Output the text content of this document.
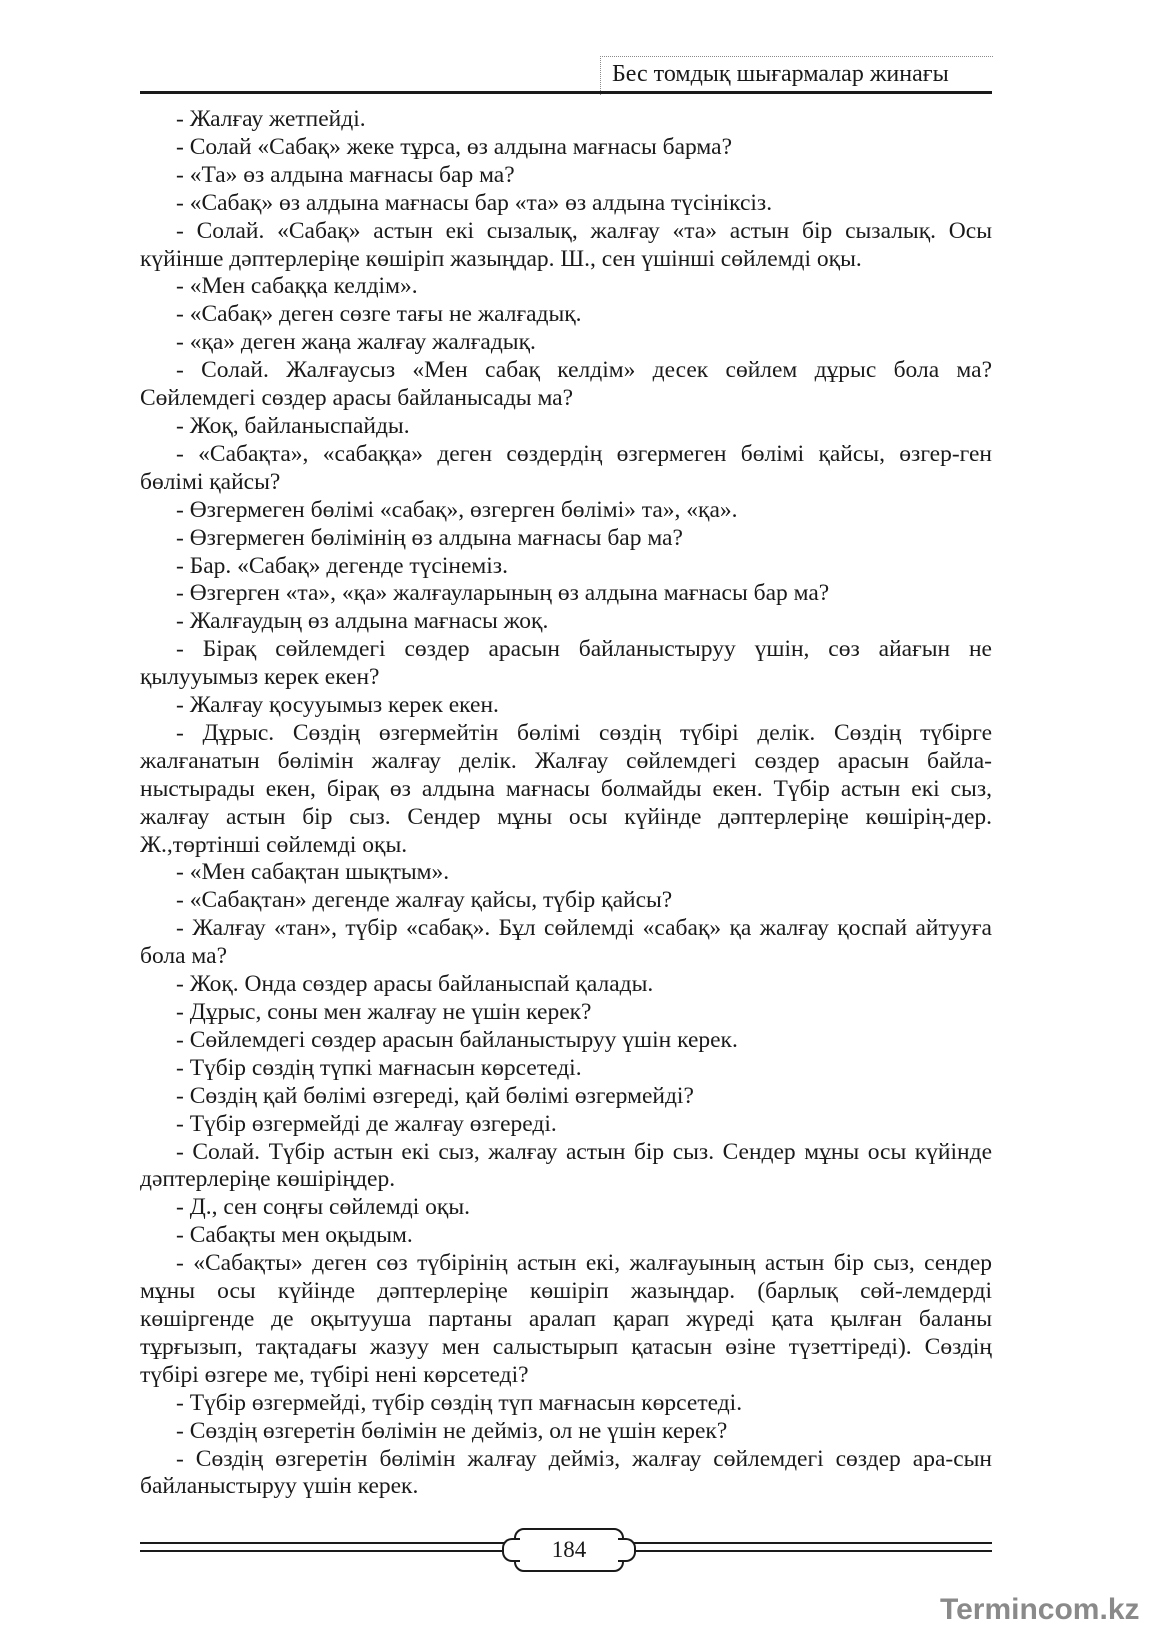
Бес томдық шығармалар жинағы

- Жалғау жетпейді.

- Солай «Сабақ» жеке тұрса, өз алдына мағнасы барма?

- «Та» өз алдына мағнасы бар ма?

- «Сабақ» өз алдына мағнасы бар «та» өз алдына түсініксіз.

- Солай. «Сабақ» астын екі сызалық, жалғау «та» астын бір сызалық. Осы күйінше дәптерлеріңе көшіріп жазыңдар. Ш., сен үшінші сөйлемді оқы.

- «Мен сабаққа келдім».

- «Сабақ» деген сөзге тағы не жалғадық.

- «қа» деген жаңа жалғау жалғадық.

- Солай. Жалғаусыз «Мен сабақ келдім» десек сөйлем дұрыс бола ма? Сөйлемдегі сөздер арасы байланысады ма?

- Жоқ, байланыспайды.

- «Сабақта», «сабаққа» деген сөздердің өзгермеген бөлімі қайсы, өзгер-ген бөлімі қайсы?

- Өзгермеген бөлімі «сабақ», өзгерген бөлімі» та», «қа».

- Өзгермеген бөлімінің өз алдына мағнасы бар ма?

- Бар. «Сабақ» дегенде түсінеміз.

- Өзгерген «та», «қа» жалғауларының өз алдына мағнасы бар ма?

- Жалғаудың өз алдына мағнасы жоқ.

- Бірақ сөйлемдегі сөздер арасын байланыстыруу үшін, сөз айағын не қылууымыз керек екен?

- Жалғау қосууымыз керек екен.

- Дұрыс. Сөздің өзгермейтін бөлімі сөздің түбірі делік. Сөздің түбірге жалғанатын бөлімін жалғау делік. Жалғау сөйлемдегі сөздер арасын байла-ныстырады екен, бірақ өз алдына мағнасы болмайды екен. Түбір астын екі сыз, жалғау астын бір сыз. Сендер мұны осы күйінде дәптерлеріңе көшірің-дер. Ж.,төртінші сөйлемді оқы.

- «Мен сабақтан шықтым».

- «Сабақтан» дегенде жалғау қайсы, түбір қайсы?

- Жалғау «тан», түбір «сабақ». Бұл сөйлемді «сабақ» қа жалғау қоспай айтууға бола ма?

- Жоқ. Онда сөздер арасы байланыспай қалады.

- Дұрыс, соны мен жалғау не үшін керек?

- Сөйлемдегі сөздер арасын байланыстыруу үшін керек.

- Түбір сөздің түпкі мағнасын көрсетеді.

- Сөздің қай бөлімі өзгереді, қай бөлімі өзгермейді?

- Түбір өзгермейді де жалғау өзгереді.

- Солай. Түбір астын екі сыз, жалғау астын бір сыз. Сендер мұны осы күйінде дәптерлеріңе көшіріңдер.

- Д., сен соңғы сөйлемді оқы.

- Сабақты мен оқыдым.

- «Сабақты» деген сөз түбірінің астын екі, жалғауының астын бір сыз, сендер мұны осы күйінде дәптерлеріңе көшіріп жазыңдар. (барлық сөй-лемдерді көшіргенде де оқытууша партаны аралап қарап жүреді қата қылған баланы тұрғызып, тақтадағы жазуу мен салыстырып қатасын өзіне түзеттіреді). Сөздің түбірі өзгере ме, түбірі нені көрсетеді?

- Түбір өзгермейді, түбір сөздің түп мағнасын көрсетеді.

- Сөздің өзгеретін бөлімін не дейміз, ол не үшін керек?

- Сөздің өзгеретін бөлімін жалғау дейміз, жалғау сөйлемдегі сөздер ара-сын байланыстыруу үшін керек.

184
Termincom.kz
